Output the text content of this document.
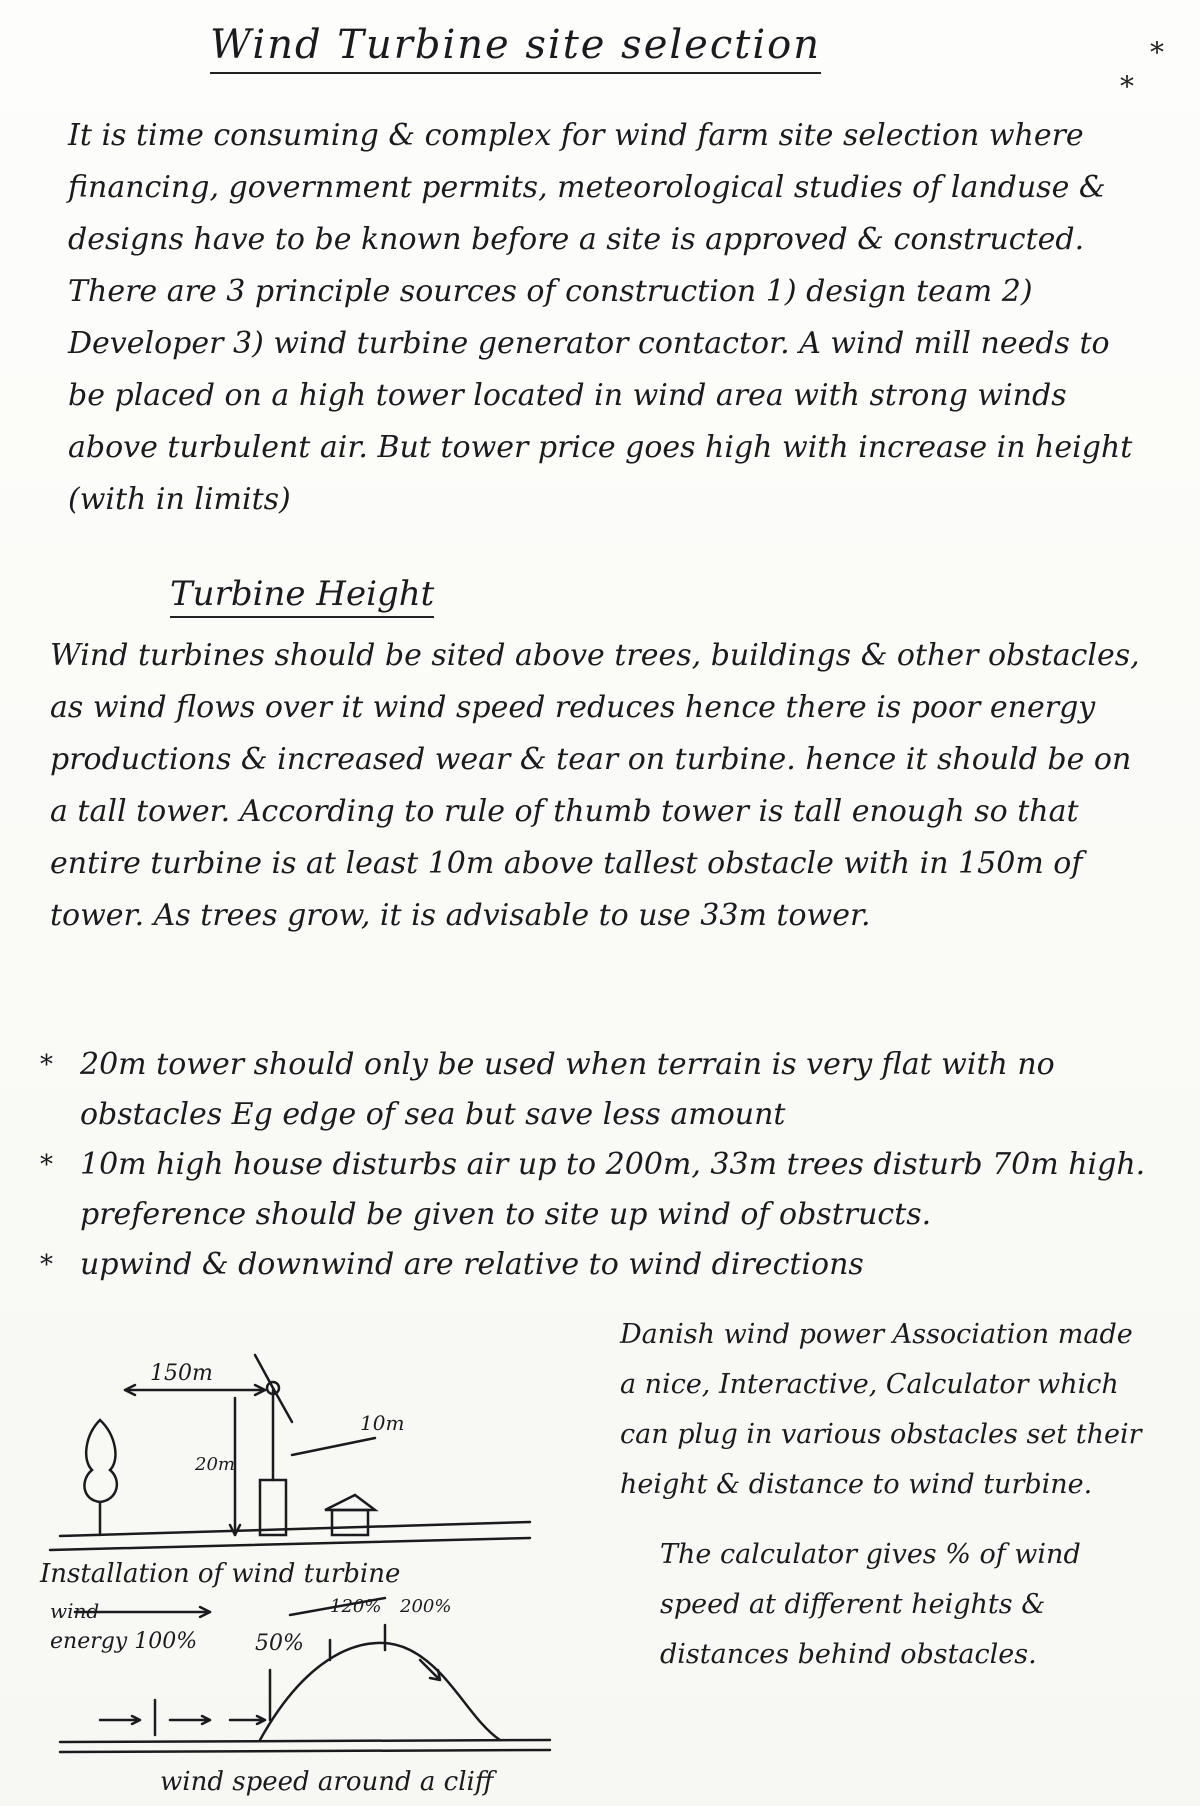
*
*
Wind Turbine site selection

It is time consuming & complex for wind farm site selection where financing, government permits, meteorological studies of landuse & designs have to be known before a site is approved & constructed. There are 3 principle sources of construction 1) design team 2) Developer 3) wind turbine generator contactor. A wind mill needs to be placed on a high tower located in wind area with strong winds above turbulent air. But tower price goes high with increase in height (with in limits)

Turbine Height

Wind turbines should be sited above trees, buildings & other obstacles, as wind flows over it wind speed reduces hence there is poor energy productions & increased wear & tear on turbine. hence it should be on a tall tower. According to rule of thumb tower is tall enough so that entire turbine is at least 10m above tallest obstacle with in 150m of tower. As trees grow, it is advisable to use 33m tower.

* 20m tower should only be used when terrain is very flat with no obstacles Eg edge of sea but save less amount
* 10m high house disturbs air up to 200m, 33m trees disturb 70m high. preference should be given to site up wind of obstructs.
* upwind & downwind are relative to wind directions

Danish wind power Association made a nice, Interactive, Calculator which can plug in various obstacles set their height & distance to wind turbine.

The calculator gives % of wind speed at different heights & distances behind obstacles.

150m
20m
10m
Installation of wind turbine
wind
energy 100%	50%
120% 200%
wind speed around a cliff
